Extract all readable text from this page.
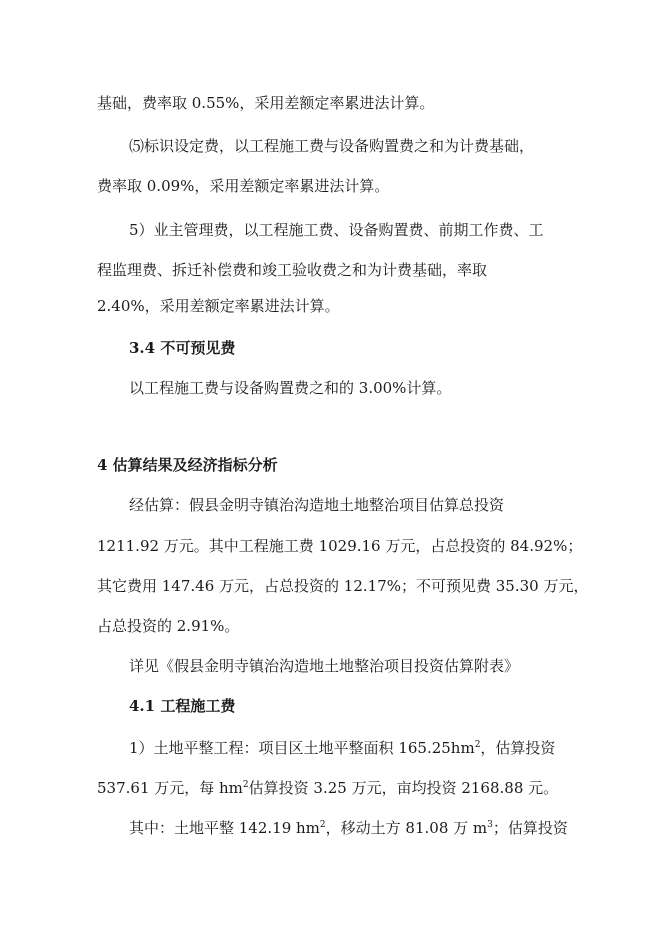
基础，费率取 0.55%，采用差额定率累进法计算。
⑸标识设定费，以工程施工费与设备购置费之和为计费基础，
费率取 0.09%，采用差额定率累进法计算。
5）业主管理费，以工程施工费、设备购置费、前期工作费、工
程监理费、拆迁补偿费和竣工验收费之和为计费基础，率取
2.40%，采用差额定率累进法计算。
3.4 不可预见费
以工程施工费与设备购置费之和的 3.00%计算。
4 估算结果及经济指标分析
经估算：假县金明寺镇治沟造地土地整治项目估算总投资
1211.92 万元。其中工程施工费 1029.16 万元，占总投资的 84.92%；
其它费用 147.46 万元，占总投资的 12.17%；不可预见费 35.30 万元，
占总投资的 2.91%。
详见《假县金明寺镇治沟造地土地整治项目投资估算附表》
4.1 工程施工费
1）土地平整工程：项目区土地平整面积 $165.25hm^2$，估算投资
537.61 万元，每 $hm^2$估算投资 3.25 万元，亩均投资 2168.88 元。
其中：土地平整 142.19 $hm^2$，移动土方 81.08 万 $m^3$；估算投资
